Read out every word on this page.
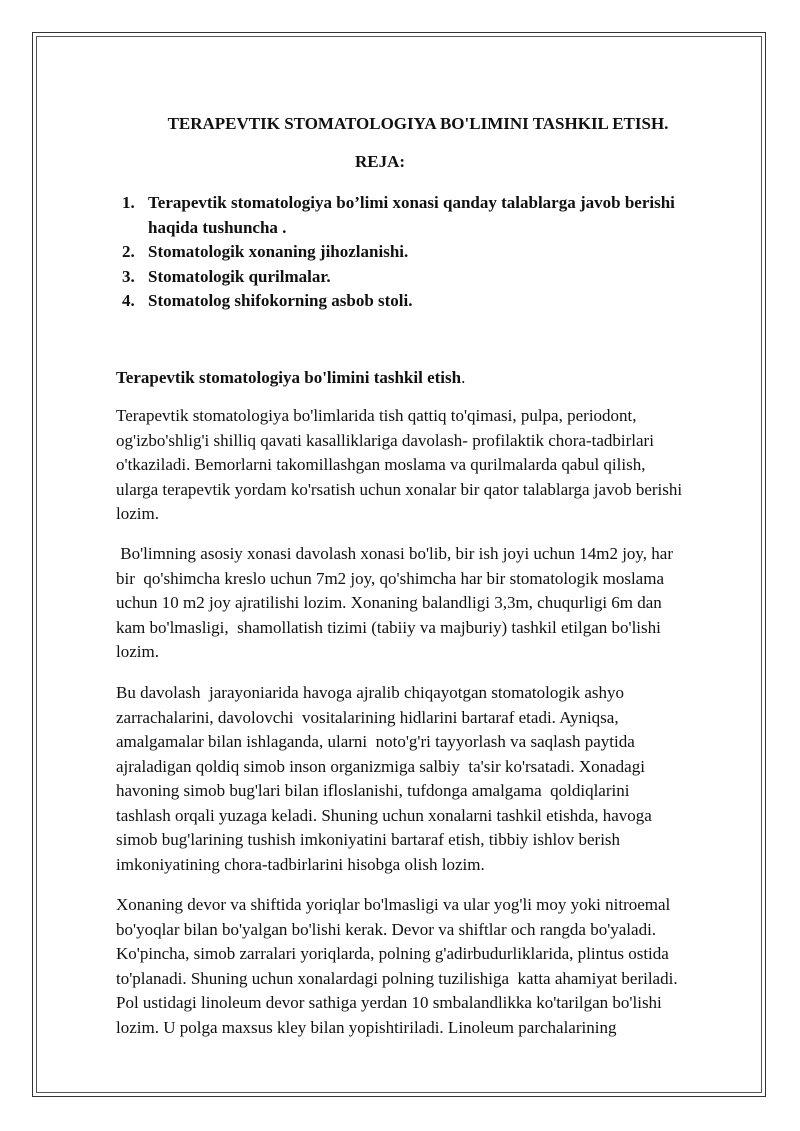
TERAPEVTIK STOMATOLOGIYA BO'LIMINI TASHKIL ETISH.
REJA:
1. Terapevtik stomatologiya bo’limi xonasi qanday talablarga javob berishi
haqida tushuncha .
2. Stomatologik xonaning jihozlanishi.
3. Stomatologik qurilmalar.
4. Stomatolog shifokorning asbob stoli.

Terapevtik stomatologiya bo'limini tashkil etish.

Terapevtik stomatologiya bo'limlarida tish qattiq to'qimasi, pulpa, periodont,
og'izbo'shlig'i shilliq qavati kasalliklariga davolash- profilaktik chora-tadbirlari
o'tkaziladi. Bemorlarni takomillashgan moslama va qurilmalarda qabul qilish,
ularga terapevtik yordam ko'rsatish uchun xonalar bir qator talablarga javob berishi
lozim.
Bo'limning asosiy xonasi davolash xonasi bo'lib, bir ish joyi uchun 14m2 joy, har
bir  qo'shimcha kreslo uchun 7m2 joy, qo'shimcha har bir stomatologik moslama
uchun 10 m2 joy ajratilishi lozim. Xonaning balandligi 3,3m, chuqurligi 6m dan
kam bo'lmasligi,  shamollatish tizimi (tabiiy va majburiy) tashkil etilgan bo'lishi
lozim.
Bu davolash  jarayoniarida havoga ajralib chiqayotgan stomatologik ashyo
zarrachalarini, davolovchi  vositalarining hidlarini bartaraf etadi. Ayniqsa,
amalgamalar bilan ishlaganda, ularni  noto'g'ri tayyorlash va saqlash paytida
ajraladigan qoldiq simob inson organizmiga salbiy  ta'sir ko'rsatadi. Xonadagi
havoning simob bug'lari bilan ifloslanishi, tufdonga amalgama  qoldiqlarini
tashlash orqali yuzaga keladi. Shuning uchun xonalarni tashkil etishda, havoga
simob bug'larining tushish imkoniyatini bartaraf etish, tibbiy ishlov berish
imkoniyatining chora-tadbirlarini hisobga olish lozim.
Xonaning devor va shiftida yoriqlar bo'lmasligi va ular yog'li moy yoki nitroemal
bo'yoqlar bilan bo'yalgan bo'lishi kerak. Devor va shiftlar och rangda bo'yaladi.
Ko'pincha, simob zarralari yoriqlarda, polning g'adirbudurliklarida, plintus ostida
to'planadi. Shuning uchun xonalardagi polning tuzilishiga  katta ahamiyat beriladi.
Pol ustidagi linoleum devor sathiga yerdan 10 smbalandlikka ko'tarilgan bo'lishi
lozim. U polga maxsus kley bilan yopishtiriladi. Linoleum parchalarining
